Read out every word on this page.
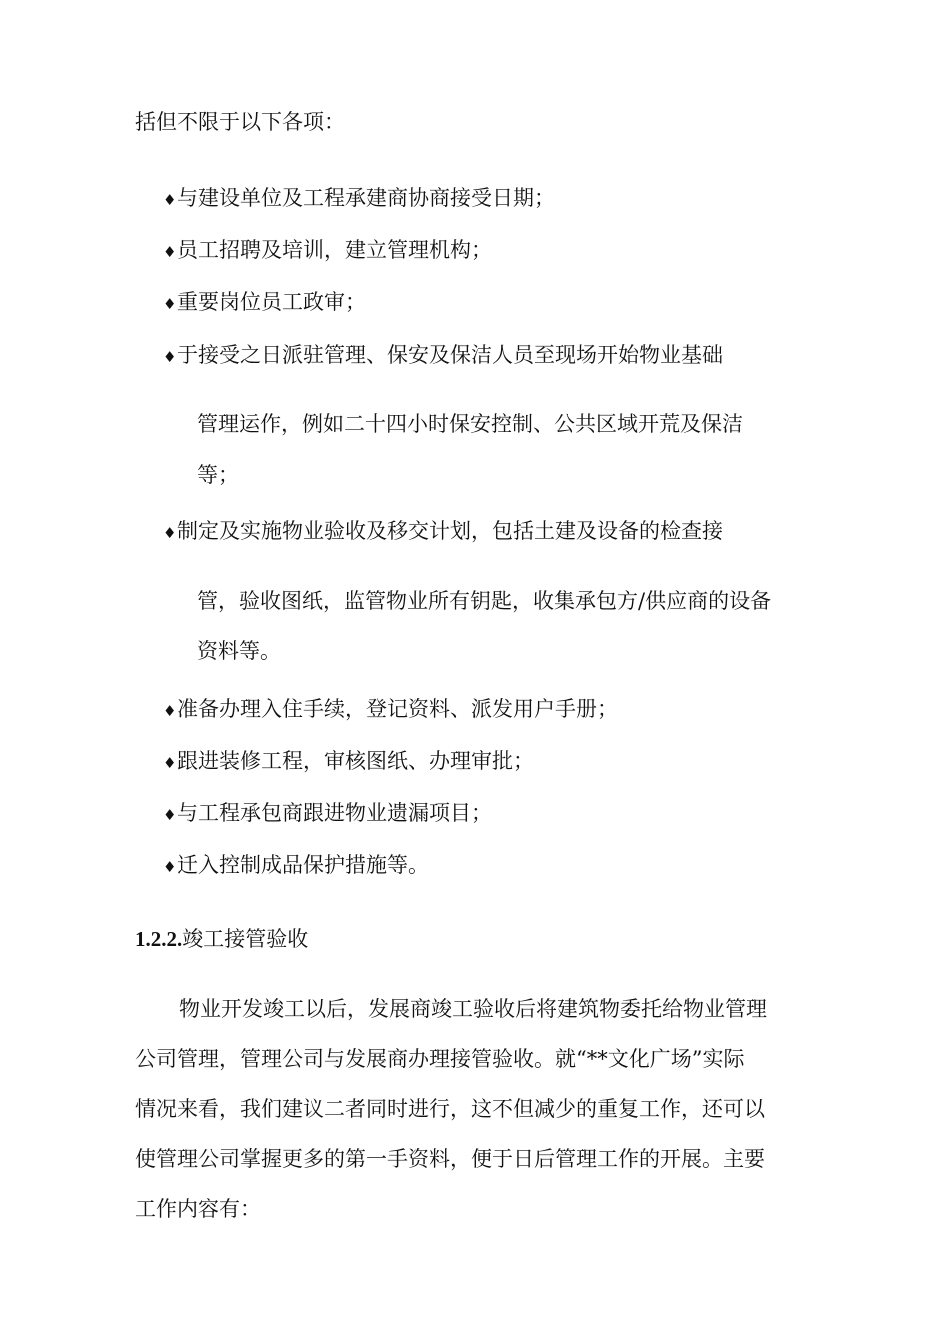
括但不限于以下各项：
♦与建设单位及工程承建商协商接受日期；
♦员工招聘及培训，建立管理机构；
♦重要岗位员工政审；
♦于接受之日派驻管理、保安及保洁人员至现场开始物业基础
管理运作，例如二十四小时保安控制、公共区域开荒及保洁
等；
♦制定及实施物业验收及移交计划，包括土建及设备的检查接
管，验收图纸，监管物业所有钥匙，收集承包方/供应商的设备
资料等。
♦准备办理入住手续，登记资料、派发用户手册；
♦跟进装修工程，审核图纸、办理审批；
♦与工程承包商跟进物业遗漏项目；
♦迁入控制成品保护措施等。
1.2.2.竣工接管验收
物业开发竣工以后，发展商竣工验收后将建筑物委托给物业管理
公司管理，管理公司与发展商办理接管验收。就“**文化广场”实际
情况来看，我们建议二者同时进行，这不但减少的重复工作，还可以
使管理公司掌握更多的第一手资料，便于日后管理工作的开展。主要
工作内容有：
